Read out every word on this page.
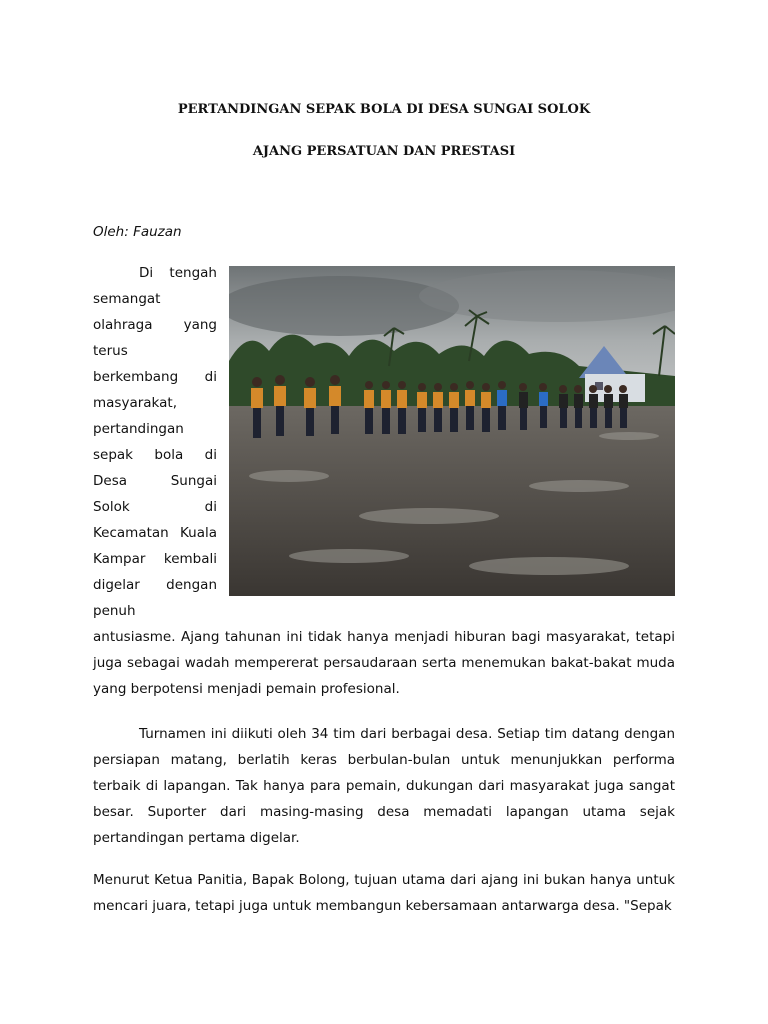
PERTANDINGAN SEPAK BOLA DI DESA SUNGAI SOLOK
AJANG PERSATUAN DAN PRESTASI
Oleh: Fauzan
Di tengah semangat olahraga yang terus berkembang di masyarakat, pertandingan sepak bola di Desa Sungai Solok di Kecamatan Kuala Kampar kembali digelar dengan penuh antusiasme. Ajang tahunan ini tidak hanya menjadi hiburan bagi masyarakat, tetapi juga sebagai wadah mempererat persaudaraan serta menemukan bakat-bakat muda yang berpotensi menjadi pemain profesional.

Turnamen ini diikuti oleh 34 tim dari berbagai desa. Setiap tim datang dengan persiapan matang, berlatih keras berbulan-bulan untuk menunjukkan performa terbaik di lapangan. Tak hanya para pemain, dukungan dari masyarakat juga sangat besar. Suporter dari masing-masing desa memadati lapangan utama sejak pertandingan pertama digelar.

Menurut Ketua Panitia, Bapak Bolong, tujuan utama dari ajang ini bukan hanya untuk mencari juara, tetapi juga untuk membangun kebersamaan antarwarga desa. "Sepak
